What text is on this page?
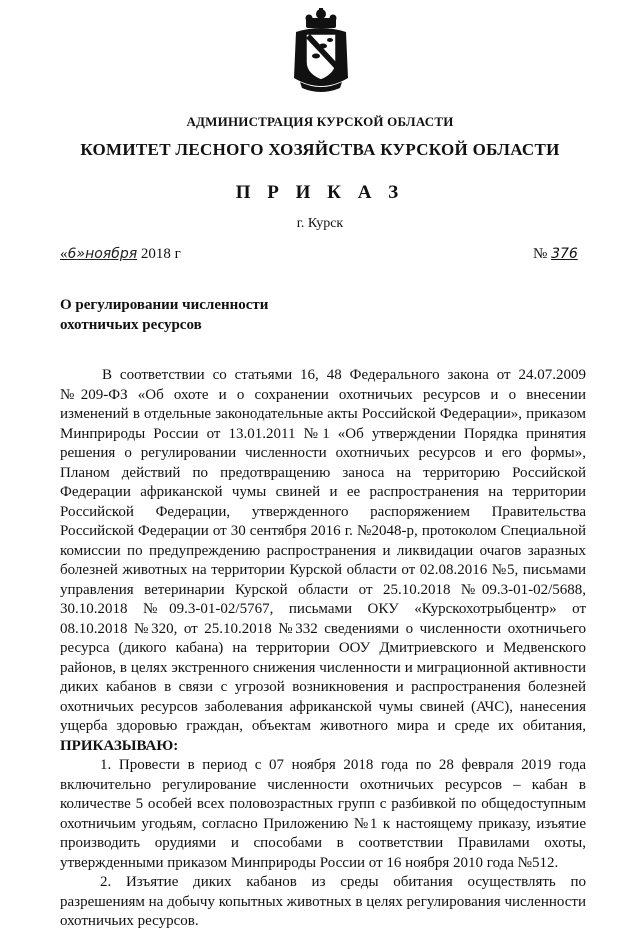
АДМИНИСТРАЦИЯ КУРСКОЙ ОБЛАСТИ
КОМИТЕТ ЛЕСНОГО ХОЗЯЙСТВА КУРСКОЙ ОБЛАСТИ
П Р И К А З
г. Курск
«6»ноября 2018 г	№ 376
О регулировании численности
охотничьих ресурсов

В соответствии со статьями 16, 48 Федерального закона от 24.07.2009 №209-ФЗ «Об охоте и о сохранении охотничьих ресурсов и о внесении изменений в отдельные законодательные акты Российской Федерации», приказом Минприроды России от 13.01.2011 №1 «Об утверждении Порядка принятия решения о регулировании численности охотничьих ресурсов и его формы», Планом действий по предотвращению заноса на территорию Российской Федерации африканской чумы свиней и ее распространения на территории Российской Федерации, утвержденного распоряжением Правительства Российской Федерации от 30 сентября 2016 г. №2048-р, протоколом Специальной комиссии по предупреждению распространения и ликвидации очагов заразных болезней животных на территории Курской области от 02.08.2016 №5, письмами управления ветеринарии Курской области от 25.10.2018 №09.3-01-02/5688, 30.10.2018 №09.3-01-02/5767, письмами ОКУ «Курскохотрыбцентр» от 08.10.2018 №320, от 25.10.2018 №332 сведениями о численности охотничьего ресурса (дикого кабана) на территории ООУ Дмитриевского и Медвенского районов, в целях экстренного снижения численности и миграционной активности диких кабанов в связи с угрозой возникновения и распространения болезней охотничьих ресурсов заболевания африканской чумы свиней (АЧС), нанесения ущерба здоровью граждан, объектам животного мира и среде их обитания, ПРИКАЗЫВАЮ:

1. Провести в период с 07 ноября 2018 года по 28 февраля 2019 года включительно регулирование численности охотничьих ресурсов – кабан в количестве 5 особей всех половозрастных групп с разбивкой по общедоступным охотничьим угодьям, согласно Приложению №1 к настоящему приказу, изъятие производить орудиями и способами в соответствии Правилами охоты, утвержденными приказом Минприроды России от 16 ноября 2010 года №512.

2. Изъятие диких кабанов из среды обитания осуществлять по разрешениям на добычу копытных животных в целях регулирования численности охотничьих ресурсов.
